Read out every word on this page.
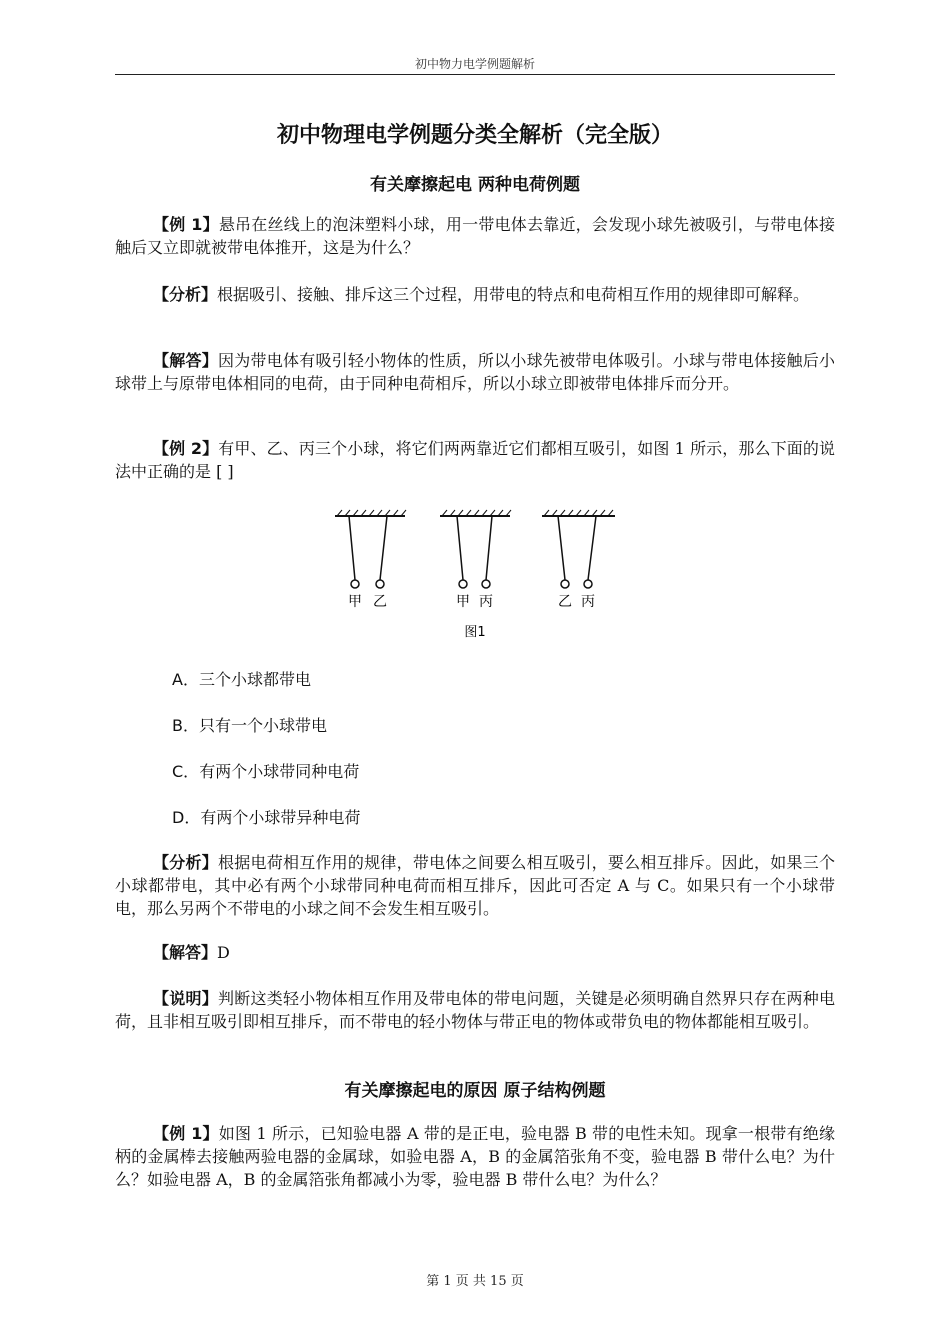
初中物力电学例题解析
初中物理电学例题分类全解析（完全版）
有关摩擦起电 两种电荷例题
【例 1】悬吊在丝线上的泡沫塑料小球，用一带电体去靠近，会发现小球先被吸引，与带电体接触后又立即就被带电体推开，这是为什么？
【分析】根据吸引、接触、排斥这三个过程，用带电的特点和电荷相互作用的规律即可解释。
【解答】因为带电体有吸引轻小物体的性质，所以小球先被带电体吸引。小球与带电体接触后小球带上与原带电体相同的电荷，由于同种电荷相斥，所以小球立即被带电体排斥而分开。
【例 2】有甲、乙、丙三个小球，将它们两两靠近它们都相互吸引，如图 1 所示，那么下面的说法中正确的是 [ ]
甲 乙	甲 丙	乙 丙
图1
A．三个小球都带电
B．只有一个小球带电
C．有两个小球带同种电荷
D．有两个小球带异种电荷
【分析】根据电荷相互作用的规律，带电体之间要么相互吸引，要么相互排斥。因此，如果三个小球都带电，其中必有两个小球带同种电荷而相互排斥，因此可否定 A 与 C。如果只有一个小球带电，那么另两个不带电的小球之间不会发生相互吸引。
【解答】D
【说明】判断这类轻小物体相互作用及带电体的带电问题，关键是必须明确自然界只存在两种电荷，且非相互吸引即相互排斥，而不带电的轻小物体与带正电的物体或带负电的物体都能相互吸引。
有关摩擦起电的原因 原子结构例题
【例 1】如图 1 所示，已知验电器 A 带的是正电，验电器 B 带的电性未知。现拿一根带有绝缘柄的金属棒去接触两验电器的金属球，如验电器 A，B 的金属箔张角不变，验电器 B 带什么电？为什么？如验电器 A，B 的金属箔张角都减小为零，验电器 B 带什么电？为什么？
第 1 页 共 15 页
